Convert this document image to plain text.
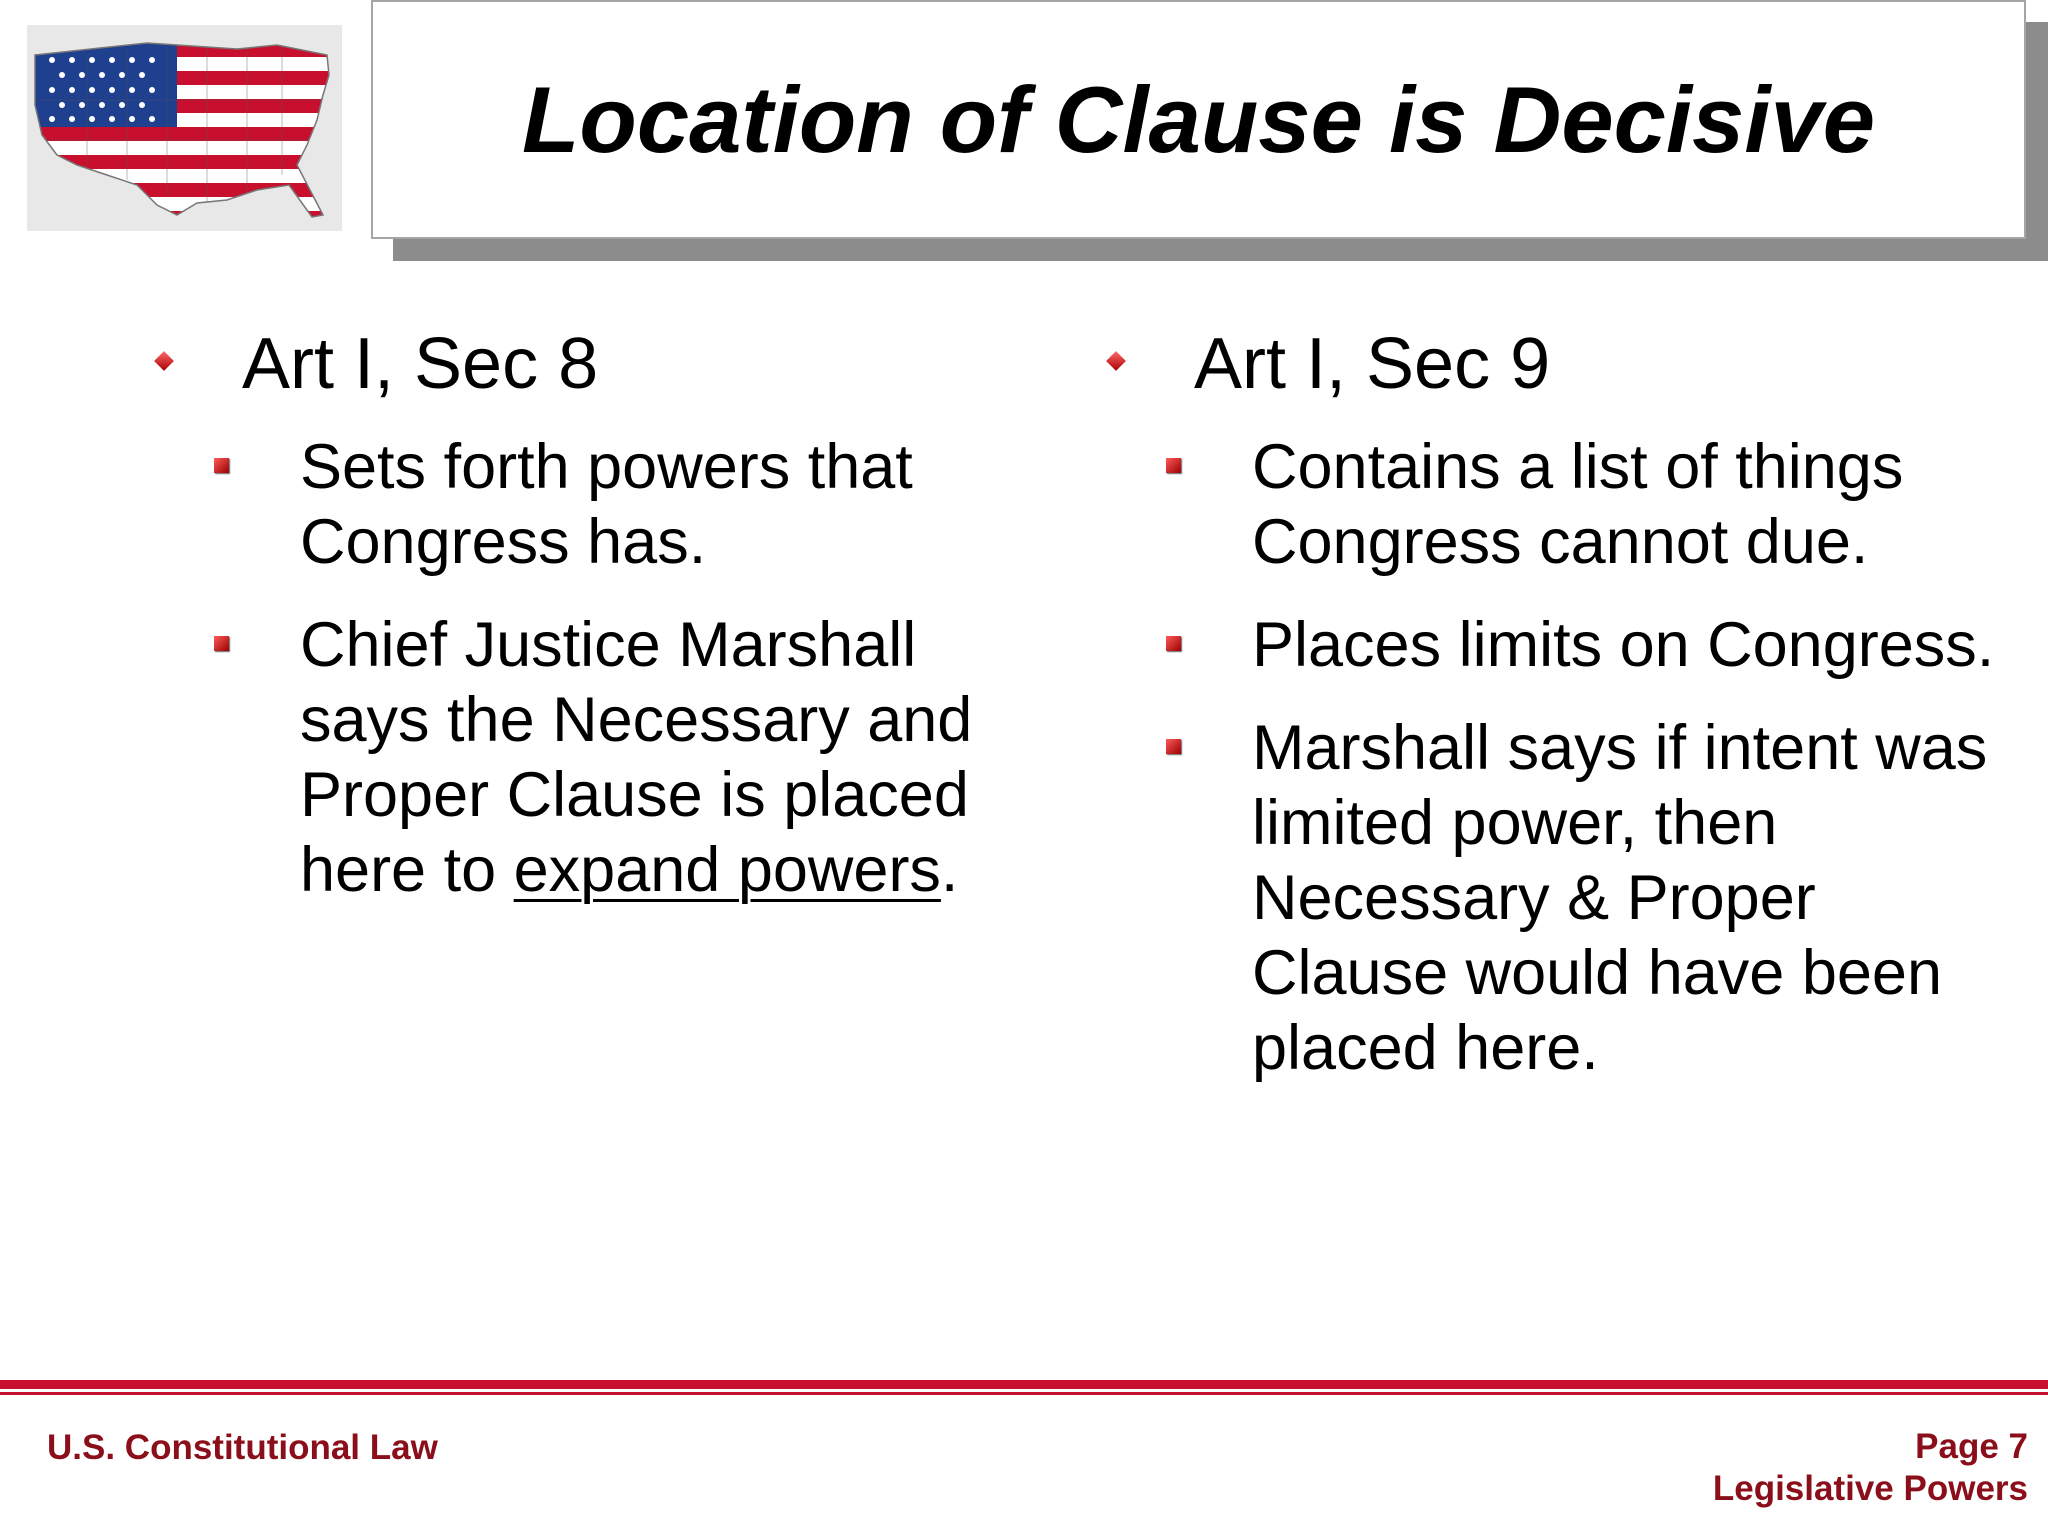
Location of Clause is Decisive
Art I, Sec 8
Sets forth powers that Congress has.
Chief Justice Marshall says the Necessary and Proper Clause is placed here to expand powers.
Art I, Sec 9
Contains a list of things Congress cannot due.
Places limits on Congress.
Marshall says if intent was limited power, then Necessary & Proper Clause would have been placed here.
U.S. Constitutional Law	Page 7
Legislative Powers
